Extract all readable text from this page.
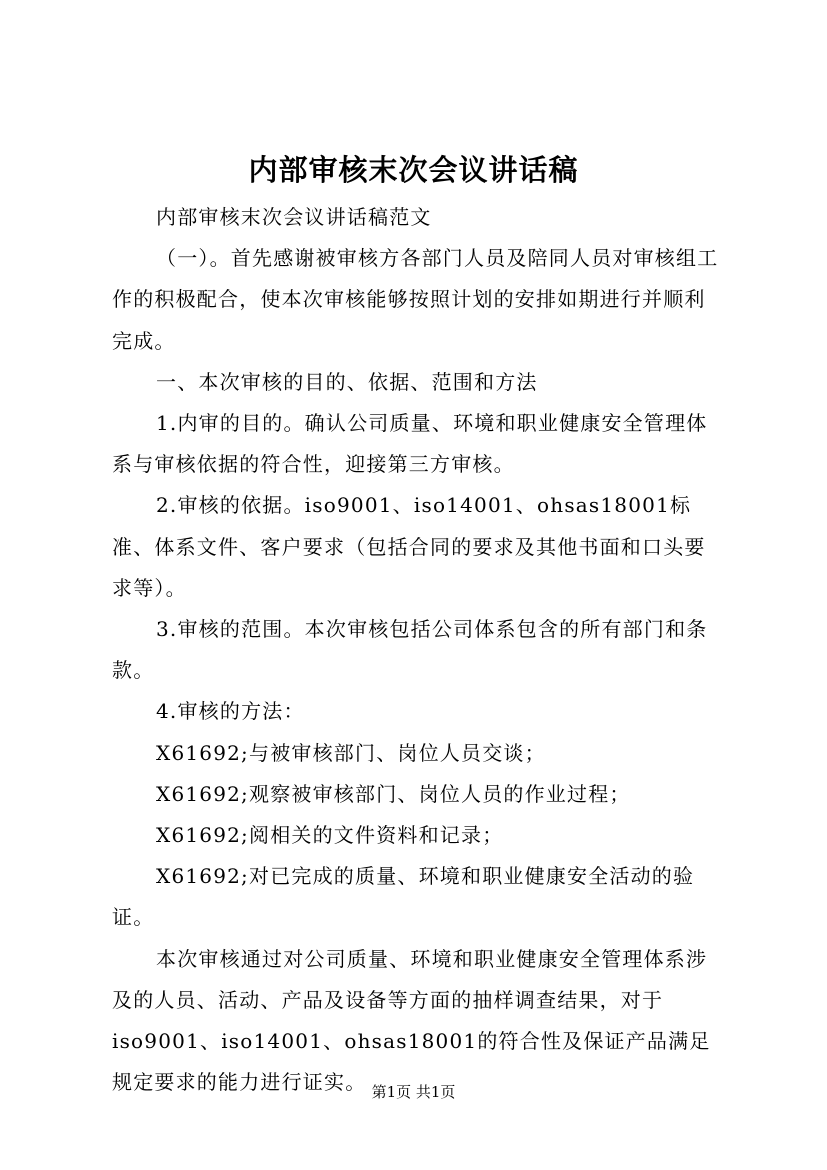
内部审核末次会议讲话稿

内部审核末次会议讲话稿范文

（一）。首先感谢被审核方各部门人员及陪同人员对审核组工作的积极配合，使本次审核能够按照计划的安排如期进行并顺利完成。

一、本次审核的目的、依据、范围和方法

1.内审的目的。确认公司质量、环境和职业健康安全管理体系与审核依据的符合性，迎接第三方审核。

2.审核的依据。iso9001、iso14001、ohsas18001标准、体系文件、客户要求（包括合同的要求及其他书面和口头要求等）。

3.审核的范围。本次审核包括公司体系包含的所有部门和条款。

4.审核的方法：

X61692;与被审核部门、岗位人员交谈；

X61692;观察被审核部门、岗位人员的作业过程；

X61692;阅相关的文件资料和记录；

X61692;对已完成的质量、环境和职业健康安全活动的验证。

本次审核通过对公司质量、环境和职业健康安全管理体系涉及的人员、活动、产品及设备等方面的抽样调查结果，对于iso9001、iso14001、ohsas18001的符合性及保证产品满足规定要求的能力进行证实。 第1页 共1页
